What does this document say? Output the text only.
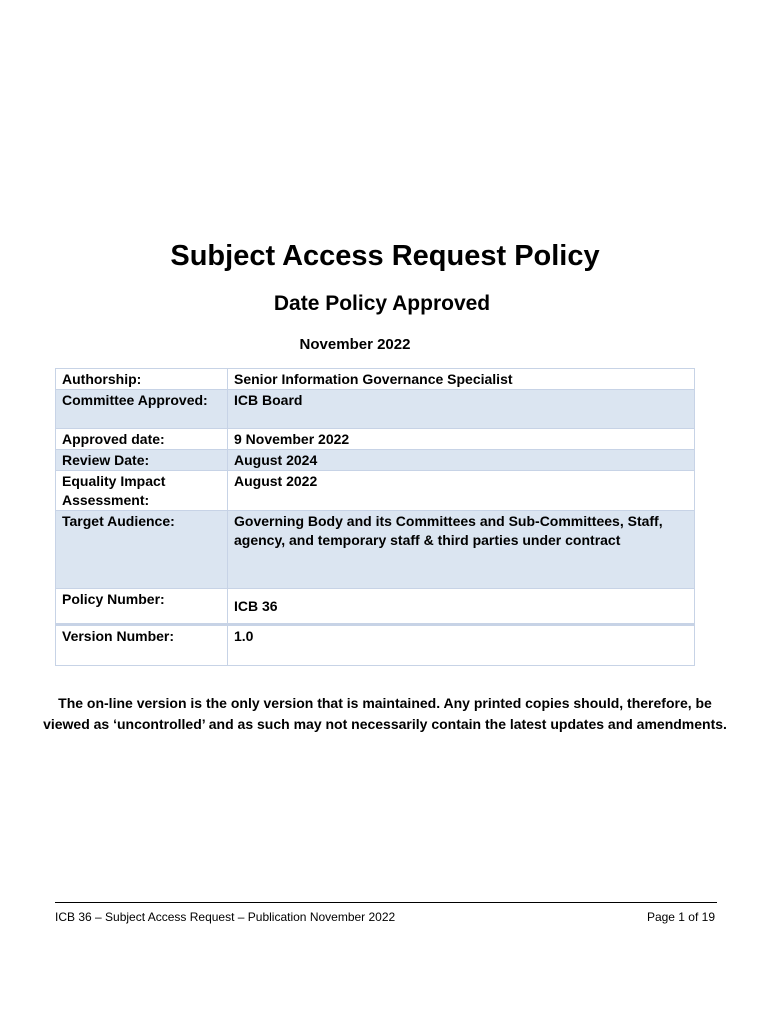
Subject Access Request Policy
Date Policy Approved

November 2022

Authorship:	Senior Information Governance Specialist
Committee Approved:	ICB Board
Approved date:	9 November 2022
Review Date:	August 2024
Equality Impact Assessment:	August 2022
Target Audience:	Governing Body and its Committees and Sub-Committees, Staff, agency, and temporary staff & third parties under contract
Policy Number:	ICB 36
Version Number:	1.0

The on-line version is the only version that is maintained. Any printed copies should, therefore, be viewed as ‘uncontrolled’ and as such may not necessarily contain the latest updates and amendments.

ICB 36 – Subject Access Request – Publication November 2022	Page 1 of 19
